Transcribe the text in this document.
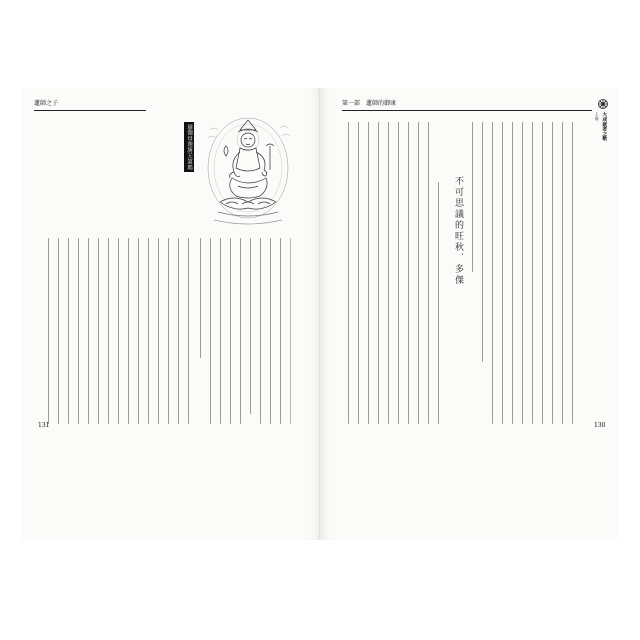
蓮師之子
瑜伽母迦旃天第瑪
131
第一部　蓮師的御康
大成就者之歌
上冊
不可思議的旺秋．多傑
130
